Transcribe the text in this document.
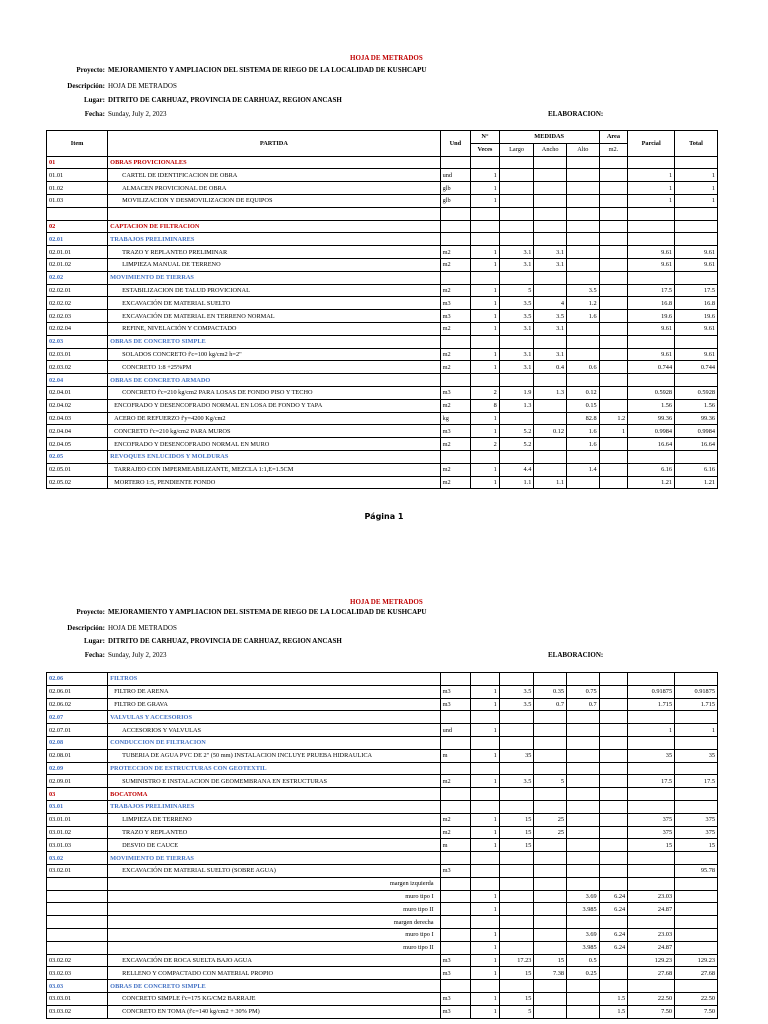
HOJA DE METRADOS
Proyecto: MEJORAMIENTO Y AMPLIACION DEL SISTEMA DE RIEGO DE LA LOCALIDAD DE KUSHCAPU
Descripción: HOJA DE METRADOS
Lugar: DITRITO DE CARHUAZ, PROVINCIA DE CARHUAZ, REGION ANCASH
Fecha: Sunday, July 2, 2023	ELABORACION:
Item	PARTIDA	Und	N°	MEDIDAS			Area	Parcial	Total
			Veces	Largo	Ancho	Alto	m2.		
01	OBRAS PROVICIONALES								
01.01	CARTEL DE IDENTIFICACION DE OBRA	und	1					1	1
01.02	ALMACEN PROVICIONAL DE OBRA	glb	1					1	1
01.03	MOVILIZACION Y DESMOVILIZACION DE EQUIPOS	glb	1					1	1

02	CAPTACION DE FILTRACION								
02.01	TRABAJOS PRELIMINARES								
02.01.01	TRAZO Y REPLANTEO PRELIMINAR	m2	1	3.1	3.1			9.61	9.61
02.01.02	LIMPIEZA MANUAL DE TERRENO	m2	1	3.1	3.1			9.61	9.61
02.02	MOVIMIENTO DE TIERRAS								
02.02.01	ESTABILIZACION DE TALUD PROVICIONAL	m2	1	5		3.5		17.5	17.5
02.02.02	EXCAVACIÓN DE MATERIAL SUELTO	m3	1	3.5	4	1.2		16.8	16.8
02.02.03	EXCAVACIÓN DE MATERIAL EN TERRENO NORMAL	m3	1	3.5	3.5	1.6		19.6	19.6
02.02.04	REFINE, NIVELACIÓN Y COMPACTADO	m2	1	3.1	3.1			9.61	9.61
02.03	OBRAS DE CONCRETO SIMPLE								
02.03.01	SOLADOS CONCRETO f'c=100 kg/cm2 h=2"	m2	1	3.1	3.1			9.61	9.61
02.03.02	CONCRETO 1:8 +25%PM	m2	1	3.1	0.4	0.6		0.744	0.744
02.04	OBRAS DE CONCRETO ARMADO								
02.04.01	CONCRETO f'c=210 kg/cm2 PARA LOSAS DE FONDO PISO Y TECHO	m3	2	1.9	1.3	0.12		0.5928	0.5928
02.04.02	ENCOFRADO Y DESENCOFRADO NORMAL EN LOSA DE FONDO Y TAPA	m2	8	1.3		0.15		1.56	1.56
02.04.03	ACERO DE REFUERZO f'y=4200 Kg/cm2	kg	1			82.8	1.2	99.36	99.36
02.04.04	CONCRETO f'c=210 kg/cm2 PARA MUROS	m3	1	5.2	0.12	1.6	1	0.9984	0.9984
02.04.05	ENCOFRADO Y DESENCOFRADO NORMAL EN MURO	m2	2	5.2		1.6		16.64	16.64
02.05	REVOQUES ENLUCIDOS Y MOLDURAS								
02.05.01	TARRAJEO CON IMPERMEABILIZANTE, MEZCLA 1:1,E=1.5CM	m2	1	4.4		1.4		6.16	6.16
02.05.02	MORTERO 1:5, PENDIENTE FONDO	m2	1	1.1	1.1			1.21	1.21
Página 1
HOJA DE METRADOS
Proyecto: MEJORAMIENTO Y AMPLIACION DEL SISTEMA DE RIEGO DE LA LOCALIDAD DE KUSHCAPU
Descripción: HOJA DE METRADOS
Lugar: DITRITO DE CARHUAZ, PROVINCIA DE CARHUAZ, REGION ANCASH
Fecha: Sunday, July 2, 2023	ELABORACION:
02.06	FILTROS								
02.06.01	FILTRO DE ARENA	m3	1	3.5	0.35	0.75		0.91875	0.91875
02.06.02	FILTRO DE GRAVA	m3	1	3.5	0.7	0.7		1.715	1.715
02.07	VALVULAS Y ACCESORIOS								
02.07.01	ACCESORIOS Y VALVULAS	und	1					1	1
02.08	CONDUCCION DE FILTRACION								
02.08.01	TUBERIA DE AGUA PVC DE 2" (50 mm) INSTALACION INCLUYE PRUEBA HIDRAULICA	m	1	35				35	35
02.09	PROTECCION DE ESTRUCTURAS CON GEOTEXTIL								
02.09.01	SUMINISTRO E INSTALACION DE GEOMEMBRANA EN ESTRUCTURAS	m2	1	3.5	5			17.5	17.5
03	BOCATOMA								
03.01	TRABAJOS PRELIMINARES								
03.01.01	LIMPIEZA DE TERRENO	m2	1	15	25			375	375
03.01.02	TRAZO Y REPLANTEO	m2	1	15	25			375	375
03.01.03	DESVIO DE CAUCE	m	1	15				15	15
03.02	MOVIMIENTO DE TIERRAS								
03.02.01	EXCAVACIÓN DE MATERIAL SUELTO (SOBRE AGUA)	m3							95.78
	margen izquierda								
	muro tipo I		1			3.69	6.24	23.03	
	muro tipo II		1			3.985	6.24	24.87	
	margen derecha								
	muro tipo I		1			3.69	6.24	23.03	
	muro tipo II		1			3.985	6.24	24.87	
03.02.02	EXCAVACIÓN DE ROCA SUELTA BAJO AGUA	m3	1	17.23	15	0.5		129.23	129.23
03.02.03	RELLENO Y COMPACTADO CON MATERIAL PROPIO	m3	1	15	7.38	0.25		27.68	27.68
03.03	OBRAS DE CONCRETO SIMPLE								
03.03.01	CONCRETO SIMPLE f'c=175 KG/CM2 BARRAJE	m3	1	15			1.5	22.50	22.50
03.03.02	CONCRETO EN TOMA (f'c=140 kg/cm2 + 30% PM)	m3	1	5			1.5	7.50	7.50
